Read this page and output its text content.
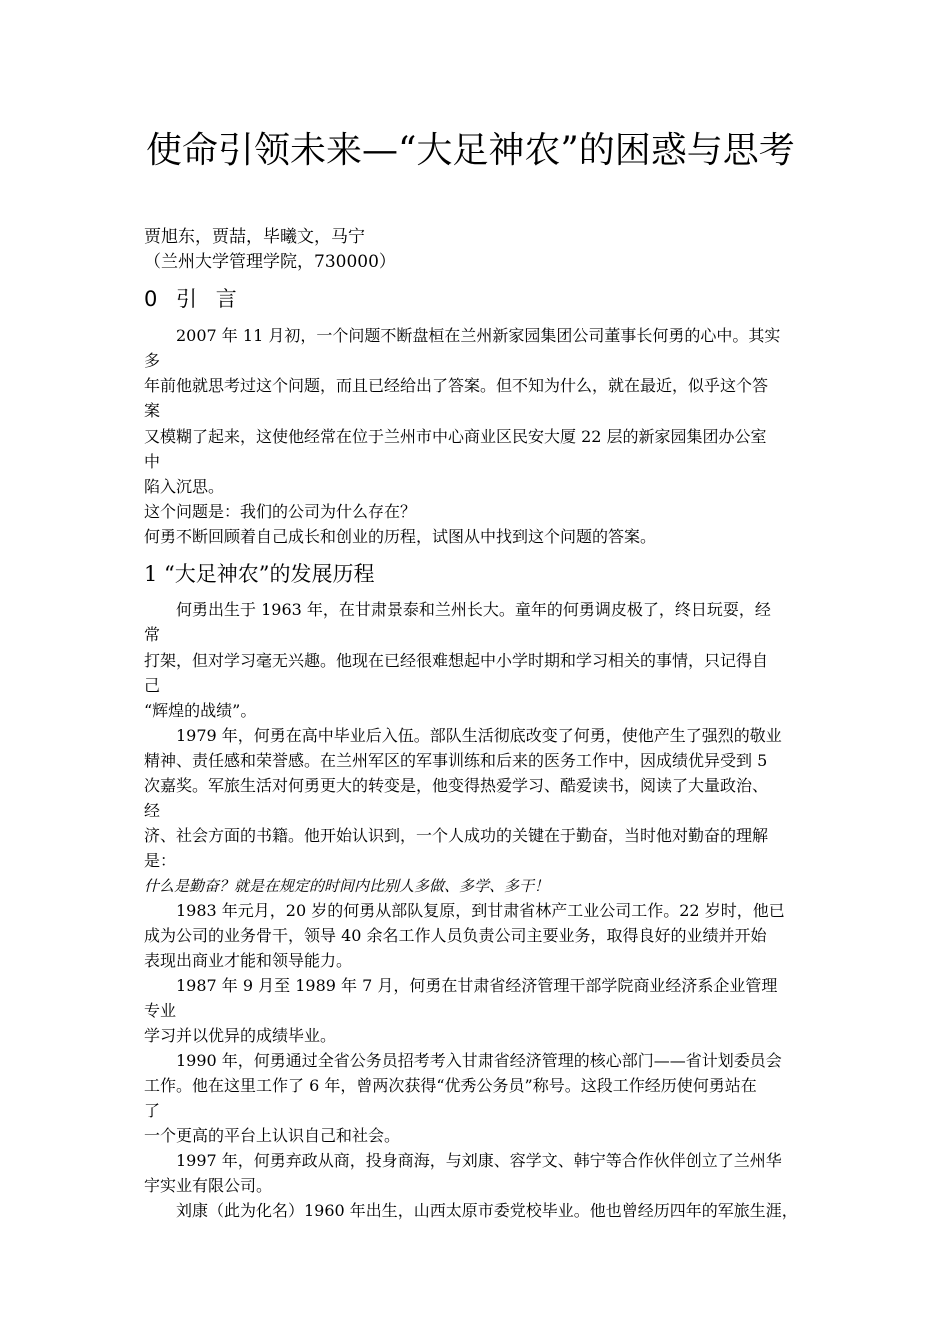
使命引领未来—“大足神农”的困惑与思考

贾旭东，贾喆，毕曦文，马宁

（兰州大学管理学院，730000）

0 引 言

2007 年 11 月初，一个问题不断盘桓在兰州新家园集团公司董事长何勇的心中。其实

多

年前他就思考过这个问题，而且已经给出了答案。但不知为什么，就在最近，似乎这个答

案

又模糊了起来，这使他经常在位于兰州市中心商业区民安大厦 22 层的新家园集团办公室

中

陷入沉思。

这个问题是：我们的公司为什么存在？

何勇不断回顾着自己成长和创业的历程，试图从中找到这个问题的答案。

1 “大足神农”的发展历程

何勇出生于 1963 年，在甘肃景泰和兰州长大。童年的何勇调皮极了，终日玩耍，经

常

打架，但对学习毫无兴趣。他现在已经很难想起中小学时期和学习相关的事情，只记得自

己

“辉煌的战绩”。

1979 年，何勇在高中毕业后入伍。部队生活彻底改变了何勇，使他产生了强烈的敬业

精神、责任感和荣誉感。在兰州军区的军事训练和后来的医务工作中，因成绩优异受到 5

次嘉奖。军旅生活对何勇更大的转变是，他变得热爱学习、酷爱读书，阅读了大量政治、

经

济、社会方面的书籍。他开始认识到，一个人成功的关键在于勤奋，当时他对勤奋的理解

是：

什么是勤奋？就是在规定的时间内比别人多做、多学、多干！

1983 年元月，20 岁的何勇从部队复原，到甘肃省林产工业公司工作。22 岁时，他已

成为公司的业务骨干，领导 40 余名工作人员负责公司主要业务，取得良好的业绩并开始

表现出商业才能和领导能力。

1987 年 9 月至 1989 年 7 月，何勇在甘肃省经济管理干部学院商业经济系企业管理

专业

学习并以优异的成绩毕业。

1990 年，何勇通过全省公务员招考考入甘肃省经济管理的核心部门——省计划委员会

工作。他在这里工作了 6 年，曾两次获得“优秀公务员”称号。这段工作经历使何勇站在

了

一个更高的平台上认识自己和社会。

1997 年，何勇弃政从商，投身商海，与刘康、容学文、韩宁等合作伙伴创立了兰州华

宇实业有限公司。

刘康（此为化名）1960 年出生，山西太原市委党校毕业。他也曾经历四年的军旅生涯，
